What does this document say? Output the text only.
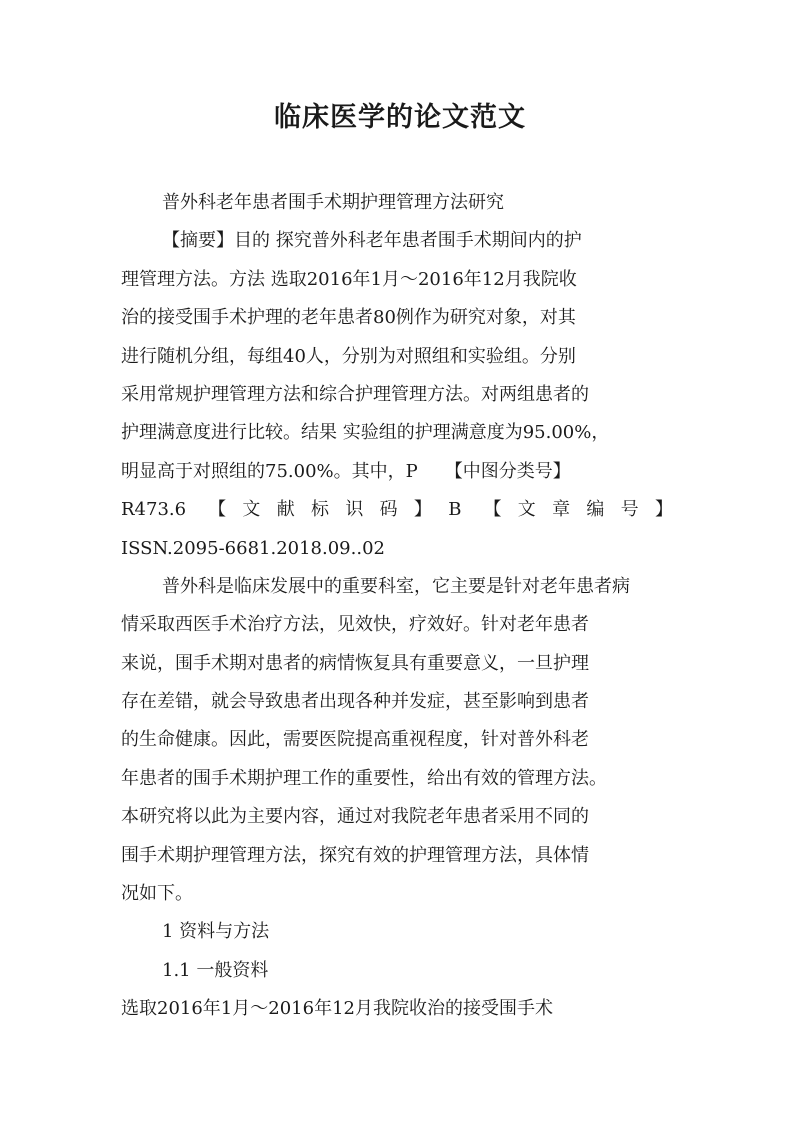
临床医学的论文范文
普外科老年患者围手术期护理管理方法研究
【摘要】目的 探究普外科老年患者围手术期间内的护
理管理方法。方法 选取2016年1月～2016年12月我院收
治的接受围手术护理的老年患者80例作为研究对象，对其
进行随机分组，每组40人，分别为对照组和实验组。分别
采用常规护理管理方法和综合护理管理方法。对两组患者的
护理满意度进行比较。结果 实验组的护理满意度为95.00%，
明显高于对照组的75.00%。其中，P　　【中图分类号】
R473.6 【文献标识码】B 【文章编号】
ISSN.2095-6681.2018.09..02
普外科是临床发展中的重要科室，它主要是针对老年患者病
情采取西医手术治疗方法，见效快，疗效好。针对老年患者
来说，围手术期对患者的病情恢复具有重要意义，一旦护理
存在差错，就会导致患者出现各种并发症，甚至影响到患者
的生命健康。因此，需要医院提高重视程度，针对普外科老
年患者的围手术期护理工作的重要性，给出有效的管理方法。
本研究将以此为主要内容，通过对我院老年患者采用不同的
围手术期护理管理方法，探究有效的护理管理方法，具体情
况如下。
1 资料与方法
1.1 一般资料
选取2016年1月～2016年12月我院收治的接受围手术
